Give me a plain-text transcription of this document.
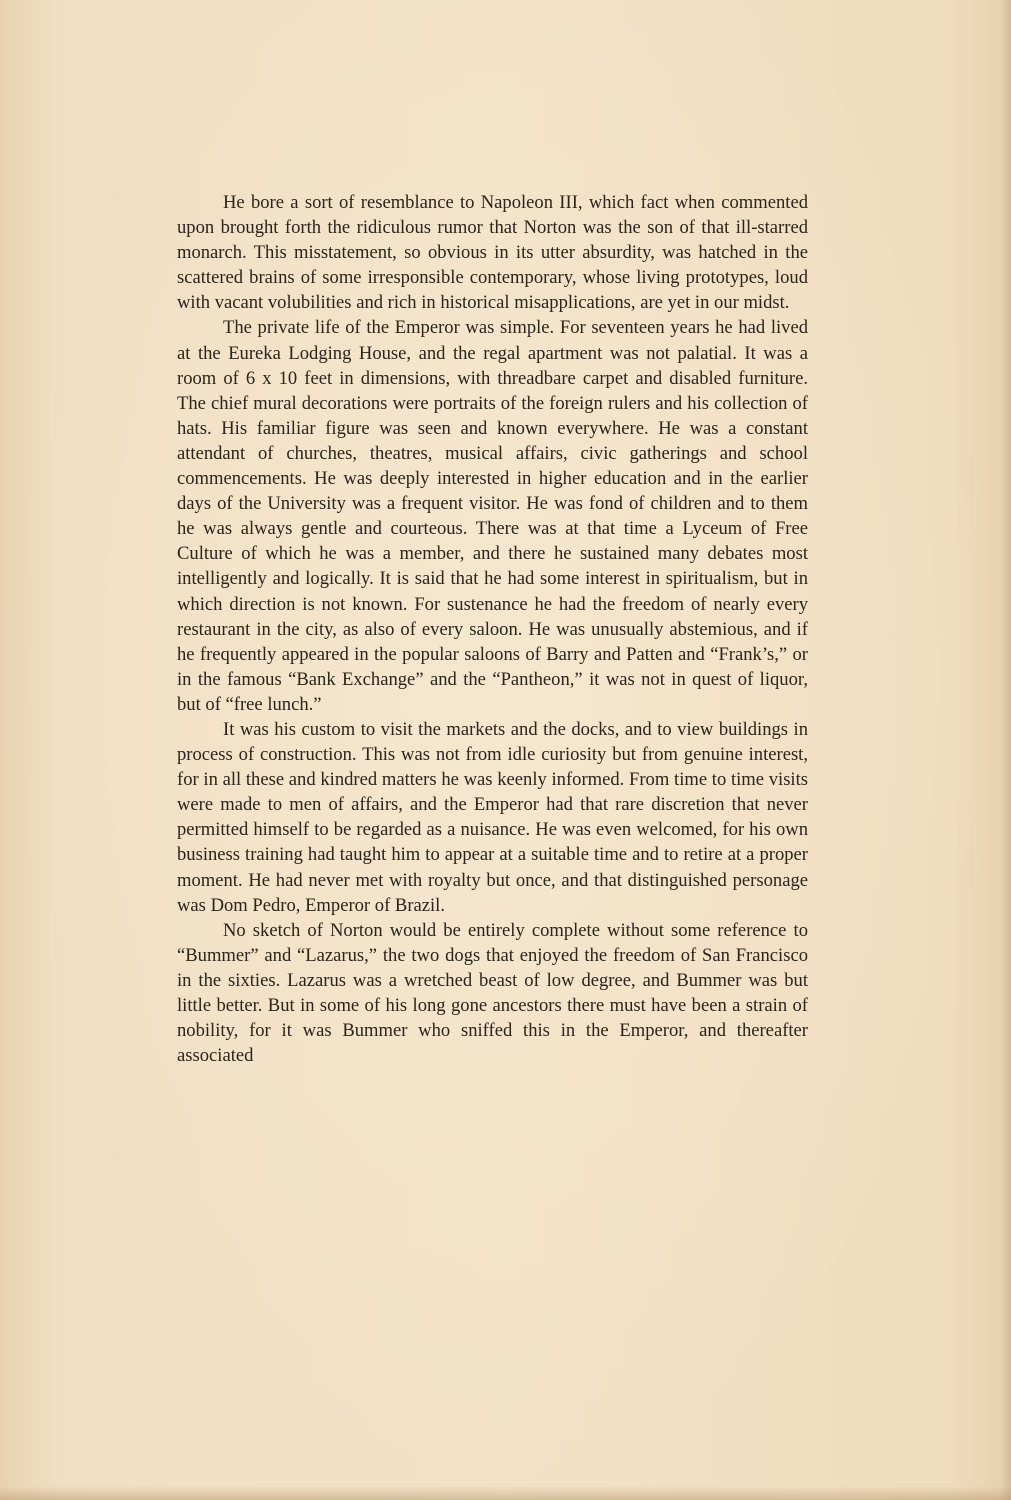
He bore a sort of resemblance to Napoleon III, which fact when commented upon brought forth the ridiculous rumor that Norton was the son of that ill-starred monarch. This misstatement, so obvious in its utter absurdity, was hatched in the scattered brains of some irresponsible contemporary, whose living prototypes, loud with vacant volubilities and rich in historical misapplications, are yet in our midst.

The private life of the Emperor was simple. For seventeen years he had lived at the Eureka Lodging House, and the regal apartment was not palatial. It was a room of 6 x 10 feet in dimensions, with threadbare carpet and disabled furniture. The chief mural decorations were portraits of the foreign rulers and his collection of hats. His familiar figure was seen and known everywhere. He was a constant attendant of churches, theatres, musical affairs, civic gatherings and school commencements. He was deeply interested in higher education and in the earlier days of the University was a frequent visitor. He was fond of children and to them he was always gentle and courteous. There was at that time a Lyceum of Free Culture of which he was a member, and there he sustained many debates most intelligently and logically. It is said that he had some interest in spiritualism, but in which direction is not known. For sustenance he had the freedom of nearly every restaurant in the city, as also of every saloon. He was unusually abstemious, and if he frequently appeared in the popular saloons of Barry and Patten and “Frank’s,” or in the famous “Bank Exchange” and the “Pantheon,” it was not in quest of liquor, but of “free lunch.”

It was his custom to visit the markets and the docks, and to view buildings in process of construction. This was not from idle curiosity but from genuine interest, for in all these and kindred matters he was keenly informed. From time to time visits were made to men of affairs, and the Emperor had that rare discretion that never permitted himself to be regarded as a nuisance. He was even welcomed, for his own business training had taught him to appear at a suitable time and to retire at a proper moment. He had never met with royalty but once, and that distinguished personage was Dom Pedro, Emperor of Brazil.

No sketch of Norton would be entirely complete without some reference to “Bummer” and “Lazarus,” the two dogs that enjoyed the freedom of San Francisco in the sixties. Lazarus was a wretched beast of low degree, and Bummer was but little better. But in some of his long gone ancestors there must have been a strain of nobility, for it was Bummer who sniffed this in the Emperor, and thereafter associated
